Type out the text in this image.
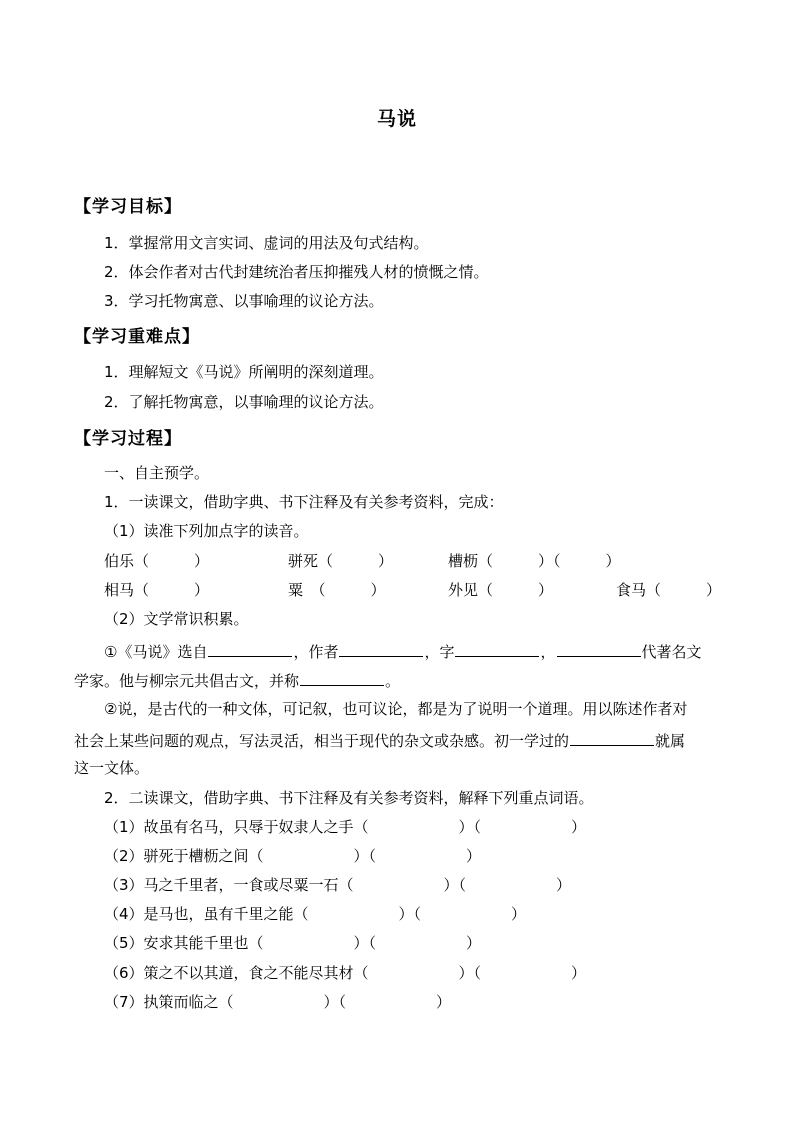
马说
【学习目标】
1．掌握常用文言实词、虚词的用法及句式结构。
2．体会作者对古代封建统治者压抑摧残人材的愤慨之情。
3．学习托物寓意、以事喻理的议论方法。
【学习重难点】
1．理解短文《马说》所阐明的深刻道理。
2．了解托物寓意，以事喻理的议论方法。
【学习过程】
一、自主预学。
1．一读课文，借助字典、书下注释及有关参考资料，完成：
（1）读准下列加点字的读音。
伯乐（　　　）	骈死（　　　）	槽枥（　　　）（　　　）
相马（　　　）	粟　（　　　）	外见（　　　）	食马（　　　）
（2）文学常识积累。
①《马说》选自	，作者	，字	，	代著名文
学家。他与柳宗元共倡古文，并称	。
②说，是古代的一种文体，可记叙，也可议论，都是为了说明一个道理。用以陈述作者对
社会上某些问题的观点，写法灵活，相当于现代的杂文或杂感。初一学过的	就属
这一文体。
2．二读课文，借助字典、书下注释及有关参考资料，解释下列重点词语。
（1）故虽有名马，只辱于奴隶人之手（　　　　　　）（　　　　　　）
（2）骈死于槽枥之间（　　　　　　）（　　　　　　）
（3）马之千里者，一食或尽粟一石（　　　　　　）（　　　　　　）
（4）是马也，虽有千里之能（　　　　　　）（　　　　　　）
（5）安求其能千里也（　　　　　　）（　　　　　　）
（6）策之不以其道，食之不能尽其材（　　　　　　）（　　　　　　）
（7）执策而临之（　　　　　　）（　　　　　　）
